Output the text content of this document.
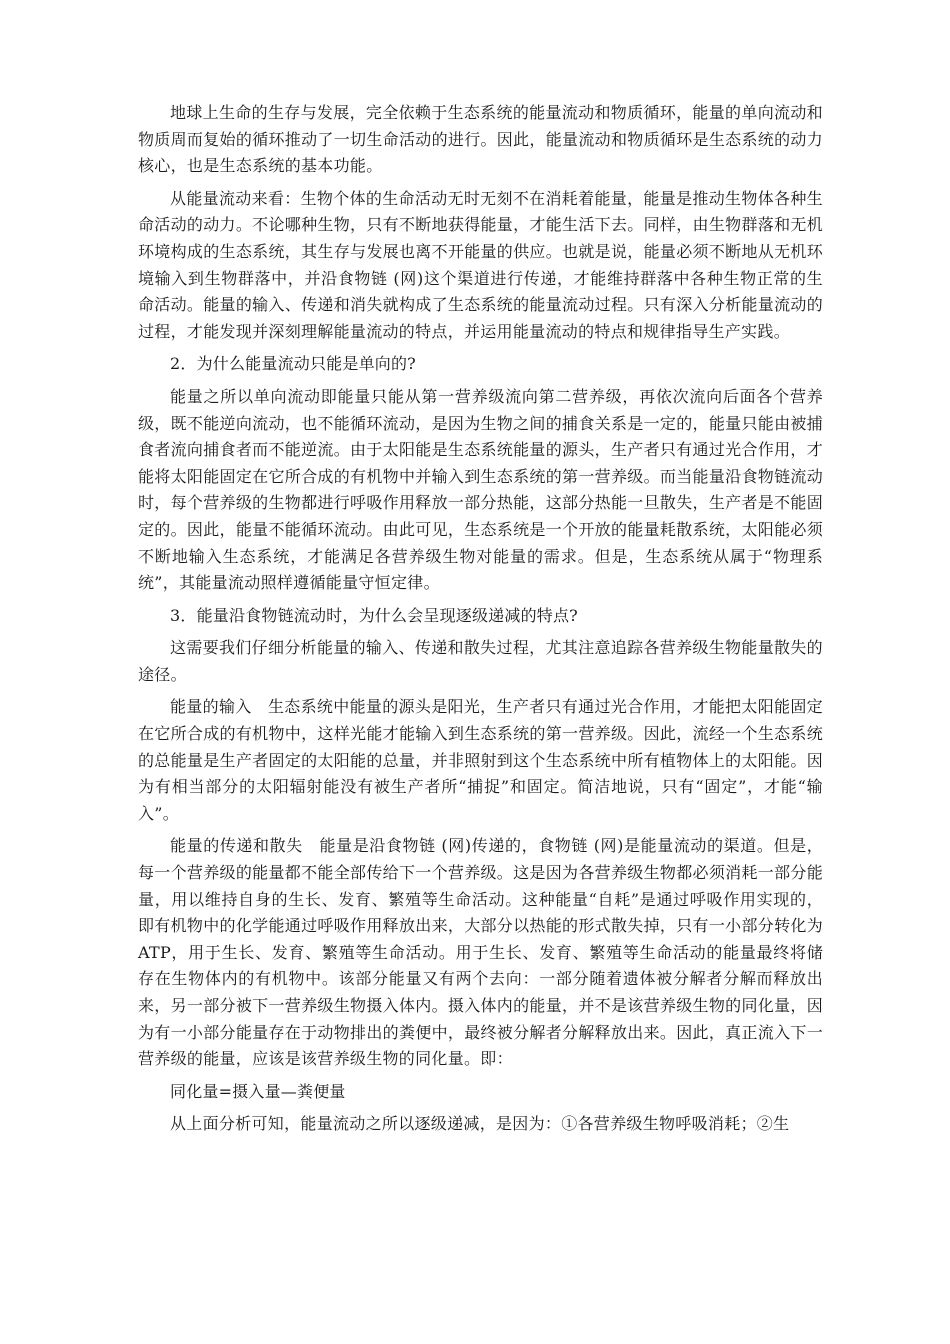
地球上生命的生存与发展，完全依赖于生态系统的能量流动和物质循环，能量的单向流动和物质周而复始的循环推动了一切生命活动的进行。因此，能量流动和物质循环是生态系统的动力核心，也是生态系统的基本功能。

从能量流动来看：生物个体的生命活动无时无刻不在消耗着能量，能量是推动生物体各种生命活动的动力。不论哪种生物，只有不断地获得能量，才能生活下去。同样，由生物群落和无机环境构成的生态系统，其生存与发展也离不开能量的供应。也就是说，能量必须不断地从无机环境输入到生物群落中，并沿食物链 (网)这个渠道进行传递，才能维持群落中各种生物正常的生命活动。能量的输入、传递和消失就构成了生态系统的能量流动过程。只有深入分析能量流动的过程，才能发现并深刻理解能量流动的特点，并运用能量流动的特点和规律指导生产实践。

2．为什么能量流动只能是单向的?

能量之所以单向流动即能量只能从第一营养级流向第二营养级，再依次流向后面各个营养级，既不能逆向流动，也不能循环流动，是因为生物之间的捕食关系是一定的，能量只能由被捕食者流向捕食者而不能逆流。由于太阳能是生态系统能量的源头，生产者只有通过光合作用，才能将太阳能固定在它所合成的有机物中并输入到生态系统的第一营养级。而当能量沿食物链流动时，每个营养级的生物都进行呼吸作用释放一部分热能，这部分热能一旦散失，生产者是不能固定的。因此，能量不能循环流动。由此可见，生态系统是一个开放的能量耗散系统，太阳能必须不断地输入生态系统，才能满足各营养级生物对能量的需求。但是，生态系统从属于“物理系统”，其能量流动照样遵循能量守恒定律。

3．能量沿食物链流动时，为什么会呈现逐级递减的特点?

这需要我们仔细分析能量的输入、传递和散失过程，尤其注意追踪各营养级生物能量散失的途径。

能量的输入　生态系统中能量的源头是阳光，生产者只有通过光合作用，才能把太阳能固定在它所合成的有机物中，这样光能才能输入到生态系统的第一营养级。因此，流经一个生态系统的总能量是生产者固定的太阳能的总量，并非照射到这个生态系统中所有植物体上的太阳能。因为有相当部分的太阳辐射能没有被生产者所“捕捉”和固定。简洁地说，只有“固定”，才能“输入”。

能量的传递和散失　能量是沿食物链 (网)传递的，食物链 (网)是能量流动的渠道。但是，每一个营养级的能量都不能全部传给下一个营养级。这是因为各营养级生物都必须消耗一部分能量，用以维持自身的生长、发育、繁殖等生命活动。这种能量“自耗”是通过呼吸作用实现的，即有机物中的化学能通过呼吸作用释放出来，大部分以热能的形式散失掉，只有一小部分转化为ATP，用于生长、发育、繁殖等生命活动。用于生长、发育、繁殖等生命活动的能量最终将储存在生物体内的有机物中。该部分能量又有两个去向：一部分随着遗体被分解者分解而释放出来，另一部分被下一营养级生物摄入体内。摄入体内的能量，并不是该营养级生物的同化量，因为有一小部分能量存在于动物排出的粪便中，最终被分解者分解释放出来。因此，真正流入下一营养级的能量，应该是该营养级生物的同化量。即：

同化量=摄入量—粪便量

从上面分析可知，能量流动之所以逐级递减，是因为：①各营养级生物呼吸消耗；②生
